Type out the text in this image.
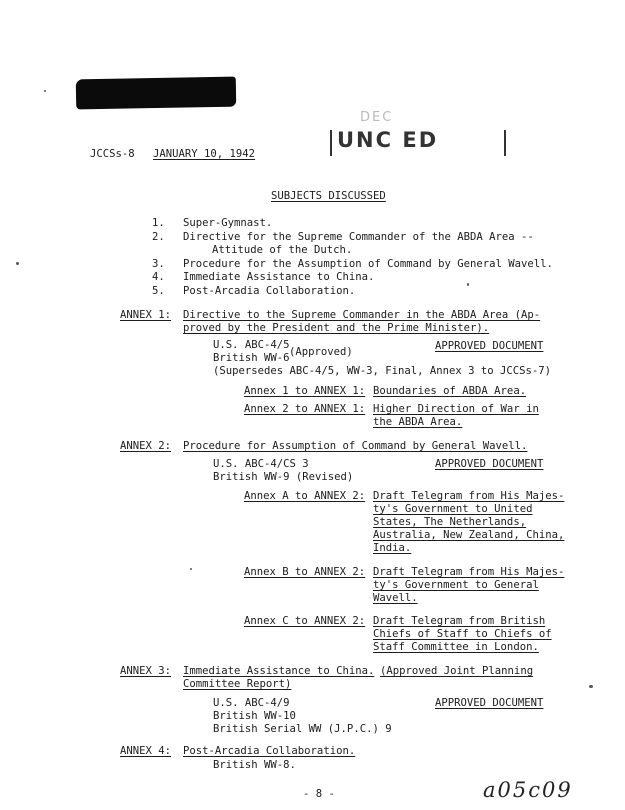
DEC
UNC ED
JCCSs-8 JANUARY 10, 1942
SUBJECTS DISCUSSED
1. Super-Gymnast.
2. Directive for the Supreme Commander of the ABDA Area --
Attitude of the Dutch.
3. Procedure for the Assumption of Command by General Wavell.
4. Immediate Assistance to China.
5. Post-Arcadia Collaboration.
ANNEX 1: Directive to the Supreme Commander in the ABDA Area (Ap-
proved by the President and the Prime Minister).
U.S. ABC-4/5
British WW-6 (Approved)	APPROVED DOCUMENT
(Supersedes ABC-4/5, WW-3, Final, Annex 3 to JCCSs-7)
Annex 1 to ANNEX 1: Boundaries of ABDA Area.
Annex 2 to ANNEX 1: Higher Direction of War in
the ABDA Area.
ANNEX 2: Procedure for Assumption of Command by General Wavell.
U.S. ABC-4/CS 3
British WW-9 (Revised)
APPROVED DOCUMENT
Annex A to ANNEX 2: Draft Telegram from His Majes-
ty's Government to United
States, The Netherlands,
Australia, New Zealand, China,
India.
Annex B to ANNEX 2: Draft Telegram from His Majes-
ty's Government to General
Wavell.
Annex C to ANNEX 2: Draft Telegram from British
Chiefs of Staff to Chiefs of
Staff Committee in London.
ANNEX 3: Immediate Assistance to China. (Approved Joint Planning
Committee Report)
U.S. ABC-4/9
British WW-10
British Serial WW (J.P.C.) 9
APPROVED DOCUMENT
ANNEX 4: Post-Arcadia Collaboration.
British WW-8.
- 8 -	a05c09
